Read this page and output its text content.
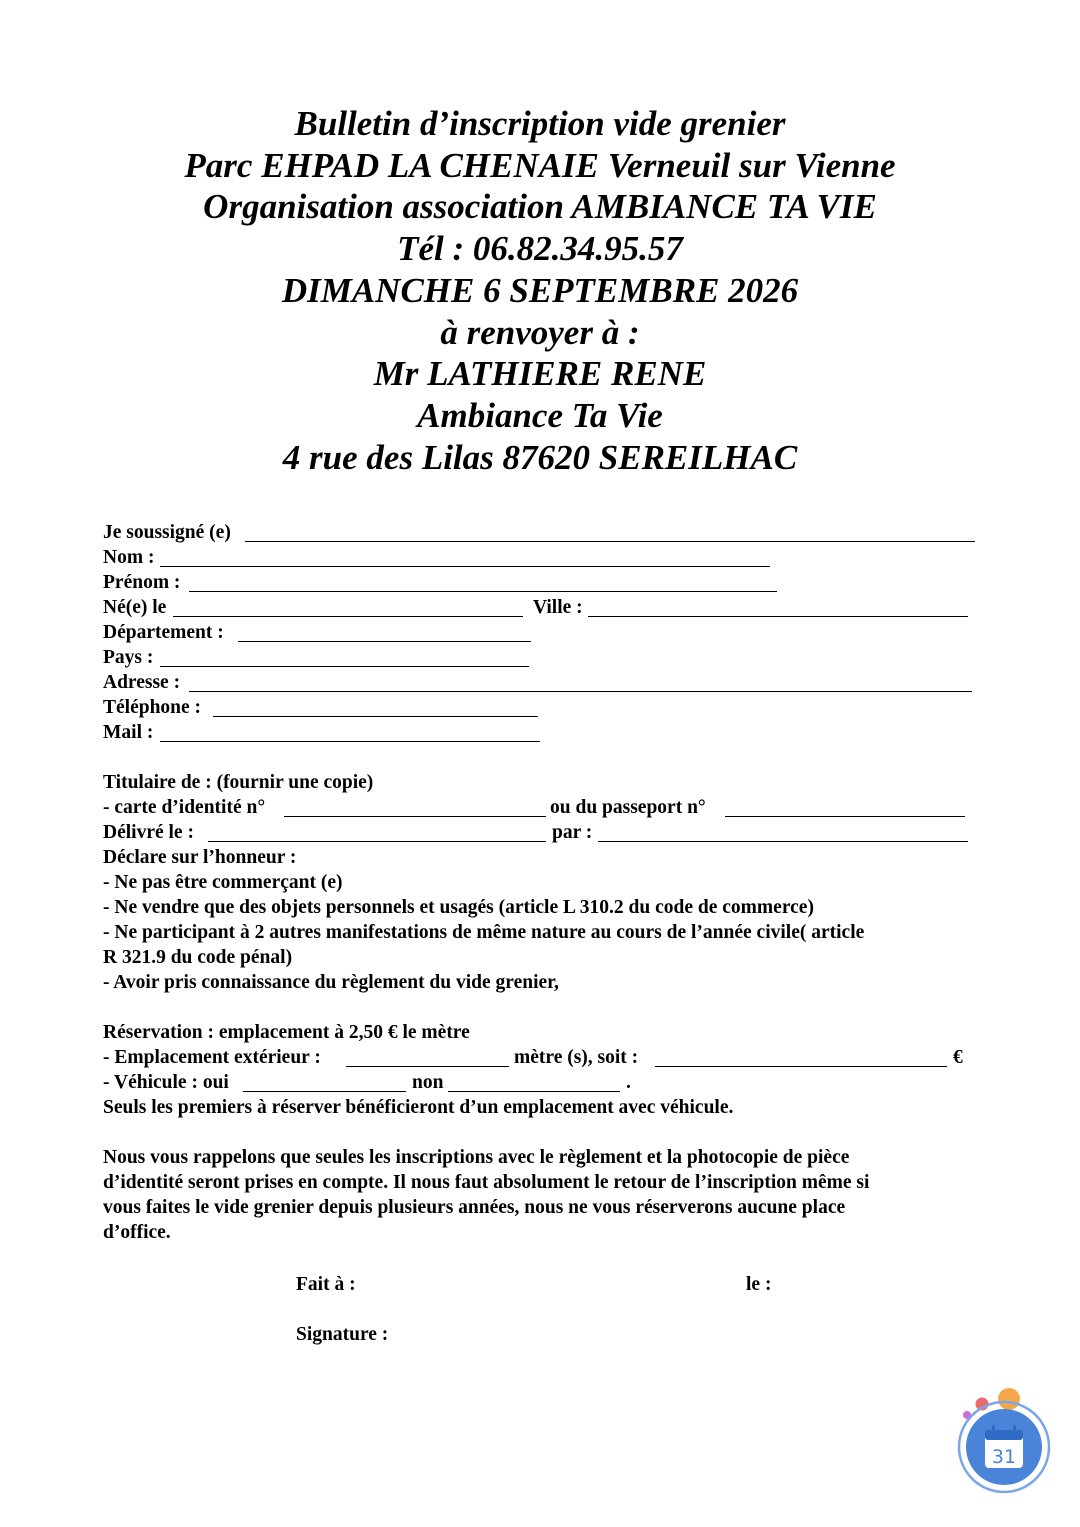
Bulletin d’inscription vide grenier
Parc EHPAD LA CHENAIE Verneuil sur Vienne
Organisation association AMBIANCE TA VIE
Tél : 06.82.34.95.57
DIMANCHE 6 SEPTEMBRE 2026
à renvoyer à :
Mr LATHIERE RENE
Ambiance Ta Vie
4 rue des Lilas 87620 SEREILHAC
Je soussigné (e)
Nom :
Prénom :
Né(e) le	Ville :
Département :
Pays :
Adresse :
Téléphone :
Mail :
Titulaire de : (fournir une copie)
- carte d’identité n°	ou du passeport n°
Délivré le :	par :
Déclare sur l’honneur :
- Ne pas être commerçant (e)
- Ne vendre que des objets personnels et usagés (article L 310.2 du code de commerce)
- Ne participant à 2 autres manifestations de même nature au cours de l’année civile( article
R 321.9 du code pénal)
- Avoir pris connaissance du règlement du vide grenier,
Réservation : emplacement à 2,50 € le mètre
- Emplacement extérieur :	mètre (s), soit :	€
- Véhicule : oui	non	.
Seuls les premiers à réserver bénéficieront d’un emplacement avec véhicule.
Nous vous rappelons que seules les inscriptions avec le règlement et la photocopie de pièce
d’identité seront prises en compte. Il nous faut absolument le retour de l’inscription même si
vous faites le vide grenier depuis plusieurs années, nous ne vous réserverons aucune place
d’office.
Fait à :	le :
Signature :
31
